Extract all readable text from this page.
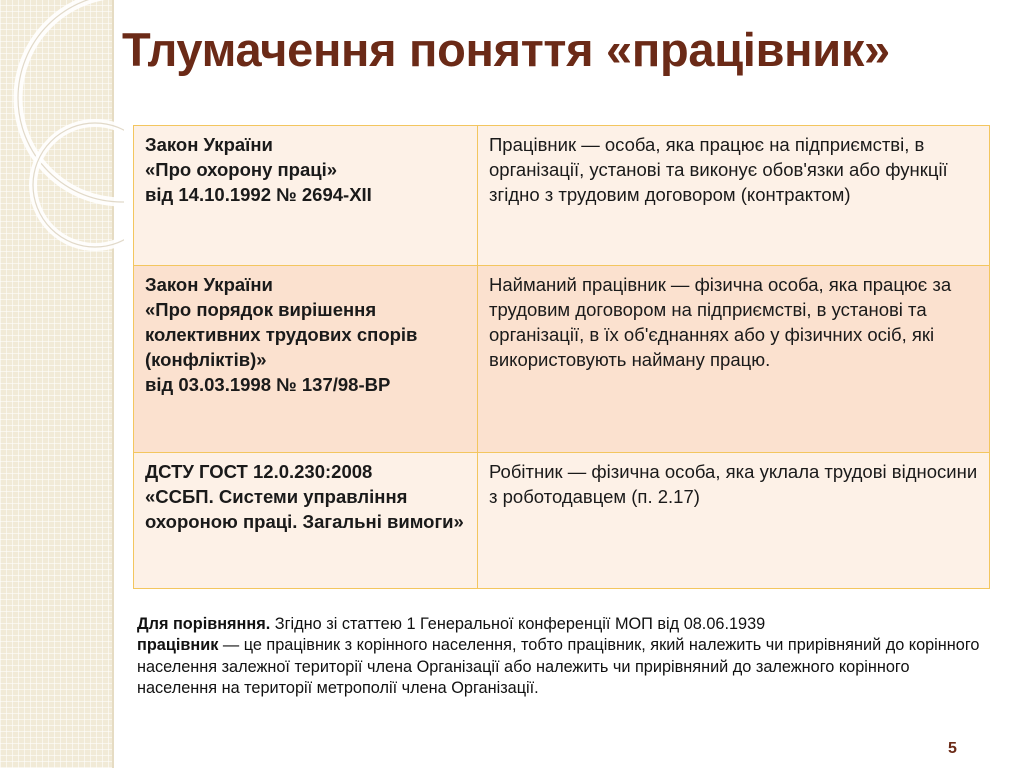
Тлумачення поняття «працівник»
Закон України
«Про охорону праці»
від 14.10.1992 № 2694-ХІІ	Працівник — особа, яка працює на підприємстві, в організації, установі та виконує обов'язки або функції згідно з трудовим договором (контрактом)

Закон України
«Про порядок вирішення колективних трудових спорів (конфліктів)»
від 03.03.1998 № 137/98-ВР	Найманий працівник — фізична особа, яка працює за трудовим договором на підприємстві, в установі та організації, в їх об'єднаннях або у фізичних осіб, які використовують найману працю.

ДСТУ ГОСТ 12.0.230:2008
«ССБП. Системи управління охороною праці. Загальні вимоги»	Робітник — фізична особа, яка уклала трудові відносини з роботодавцем (п. 2.17)

Для порівняння. Згідно зі статтею 1 Генеральної конференції МОП від 08.06.1939
працівник — це працівник з корінного населення, тобто працівник, який належить чи прирівняний до корінного населення залежної території члена Організації або належить чи прирівняний до залежного корінного населення на території метрополії члена Організації.

5
